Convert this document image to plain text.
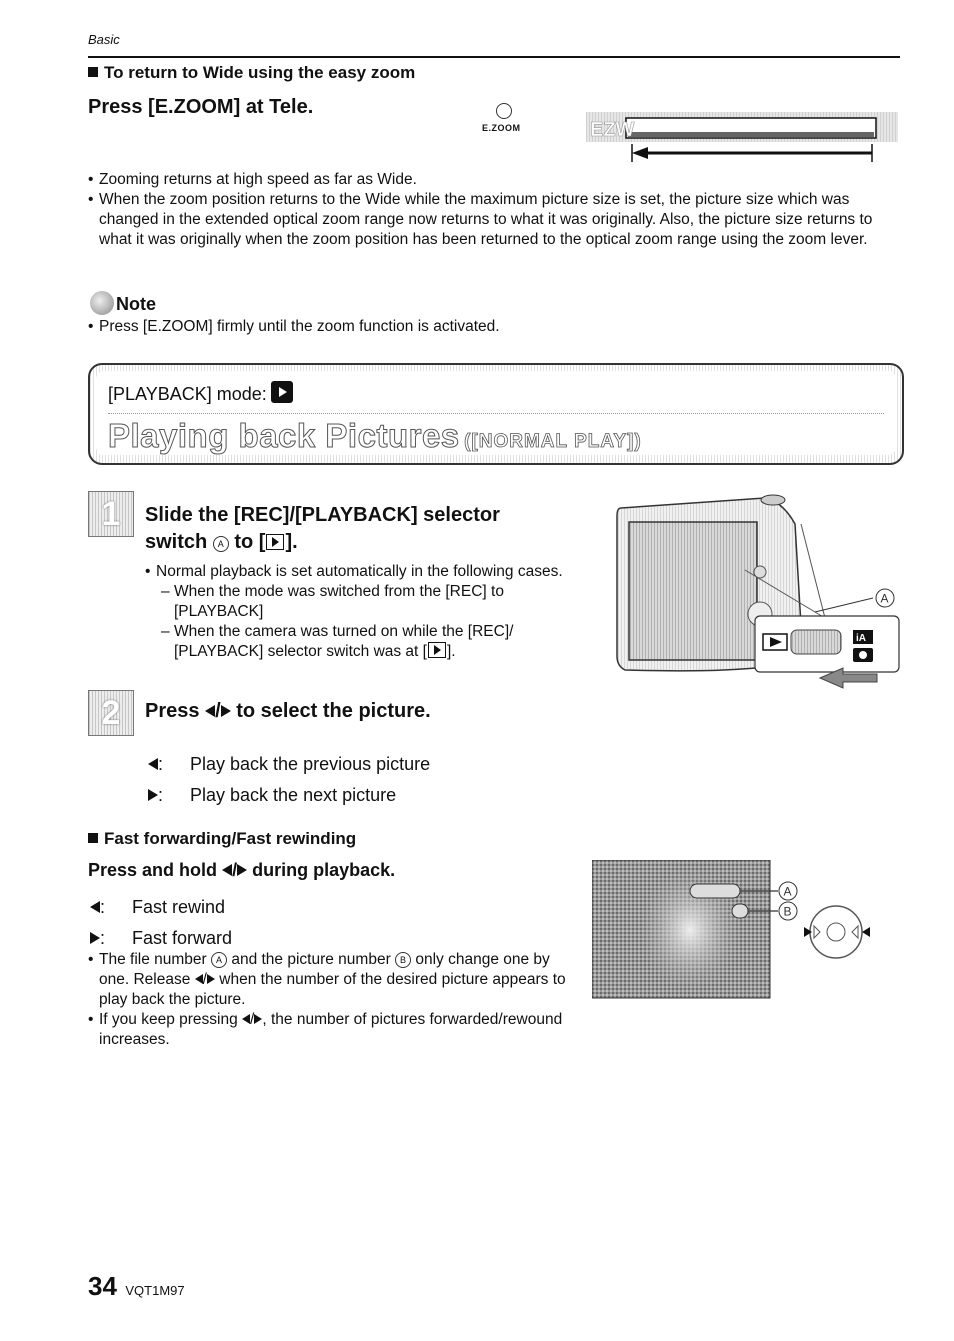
Basic
To return to Wide using the easy zoom
Press [E.ZOOM] at Tele.
E.ZOOM	EZW
• Zooming returns at high speed as far as Wide.
• When the zoom position returns to the Wide while the maximum picture size is set, the picture size which was changed in the extended optical zoom range now returns to what it was originally. Also, the picture size returns to what it was originally when the zoom position has been returned to the optical zoom range using the zoom lever.
Note
• Press [E.ZOOM] firmly until the zoom function is activated.
[PLAYBACK] mode:
Playing back Pictures ([NORMAL PLAY])
1	Slide the [REC]/[PLAYBACK] selector
switch A to [ ].
• Normal playback is set automatically in the following cases.
– When the mode was switched from the [REC] to [PLAYBACK]
– When the camera was turned on while the [REC]/ [PLAYBACK] selector switch was at [ ].
iA
A
2	Press / to select the picture.
: Play back the previous picture
: Play back the next picture
Fast forwarding/Fast rewinding
Press and hold / during playback.
: Fast rewind
: Fast forward
• The file number A and the picture number B only change one by one. Release / when the number of the desired picture appears to play back the picture.
• If you keep pressing / , the number of pictures forwarded/rewound increases.
A
B
34 VQT1M97
